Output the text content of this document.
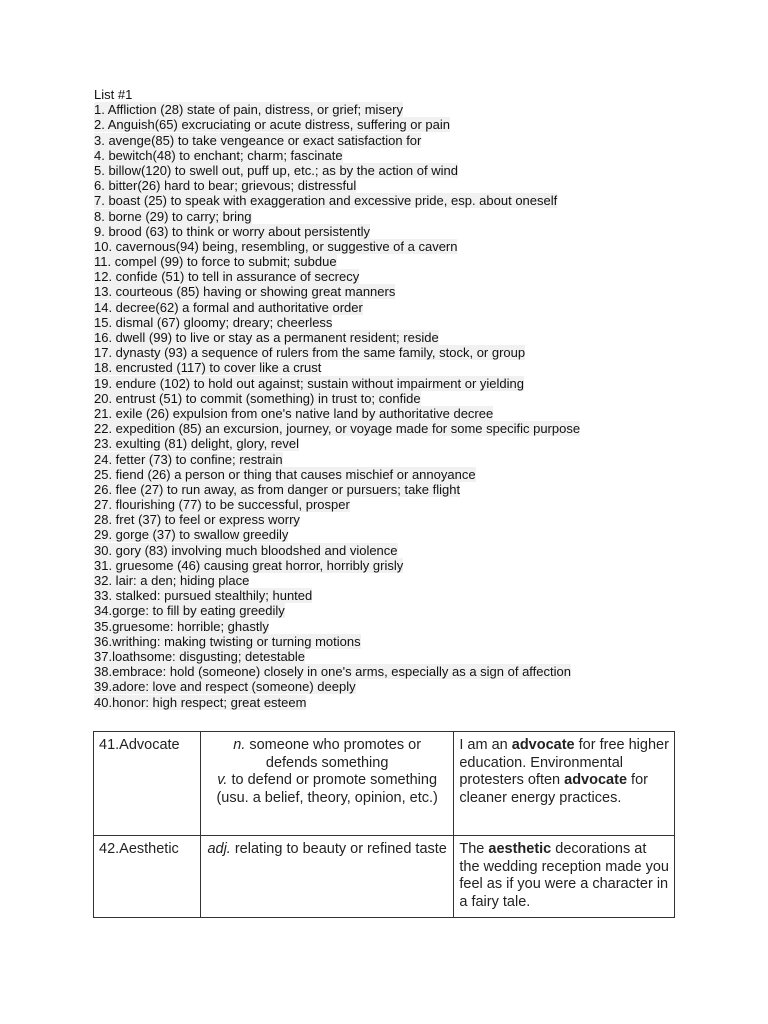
List #1
1. Affliction (28) state of pain, distress, or grief; misery
2. Anguish(65) excruciating or acute distress, suffering or pain
3. avenge(85) to take vengeance or exact satisfaction for
4. bewitch(48) to enchant; charm; fascinate
5. billow(120) to swell out, puff up, etc.; as by the action of wind
6. bitter(26) hard to bear; grievous; distressful
7. boast (25) to speak with exaggeration and excessive pride, esp. about oneself
8. borne (29) to carry; bring
9. brood (63) to think or worry about persistently
10. cavernous(94) being, resembling, or suggestive of a cavern
11. compel (99) to force to submit; subdue
12. confide (51) to tell in assurance of secrecy
13. courteous (85) having or showing great manners
14. decree(62) a formal and authoritative order
15. dismal (67) gloomy; dreary; cheerless
16. dwell (99) to live or stay as a permanent resident; reside
17. dynasty (93) a sequence of rulers from the same family, stock, or group
18. encrusted (117) to cover like a crust
19. endure (102) to hold out against; sustain without impairment or yielding
20. entrust (51) to commit (something) in trust to; confide
21. exile (26) expulsion from one's native land by authoritative decree
22. expedition (85) an excursion, journey, or voyage made for some specific purpose
23. exulting (81) delight, glory, revel
24. fetter (73) to confine; restrain
25. fiend (26) a person or thing that causes mischief or annoyance
26. flee (27) to run away, as from danger or pursuers; take flight
27. flourishing (77) to be successful, prosper
28. fret (37) to feel or express worry
29. gorge (37) to swallow greedily
30. gory (83) involving much bloodshed and violence
31. gruesome (46) causing great horror, horribly grisly
32. lair: a den; hiding place
33. stalked: pursued stealthily; hunted
34.gorge: to fill by eating greedily
35.gruesome: horrible; ghastly
36.writhing: making twisting or turning motions
37.loathsome: disgusting; detestable
38.embrace: hold (someone) closely in one's arms, especially as a sign of affection
39.adore: love and respect (someone) deeply
40.honor: high respect; great esteem
41.Advocate	n. someone who promotes or defends something
v. to defend or promote something (usu. a belief, theory, opinion, etc.)	I am an advocate for free higher education. Environmental protesters often advocate for cleaner energy practices.
42.Aesthetic	adj. relating to beauty or refined taste	The aesthetic decorations at the wedding reception made you feel as if you were a character in a fairy tale.
